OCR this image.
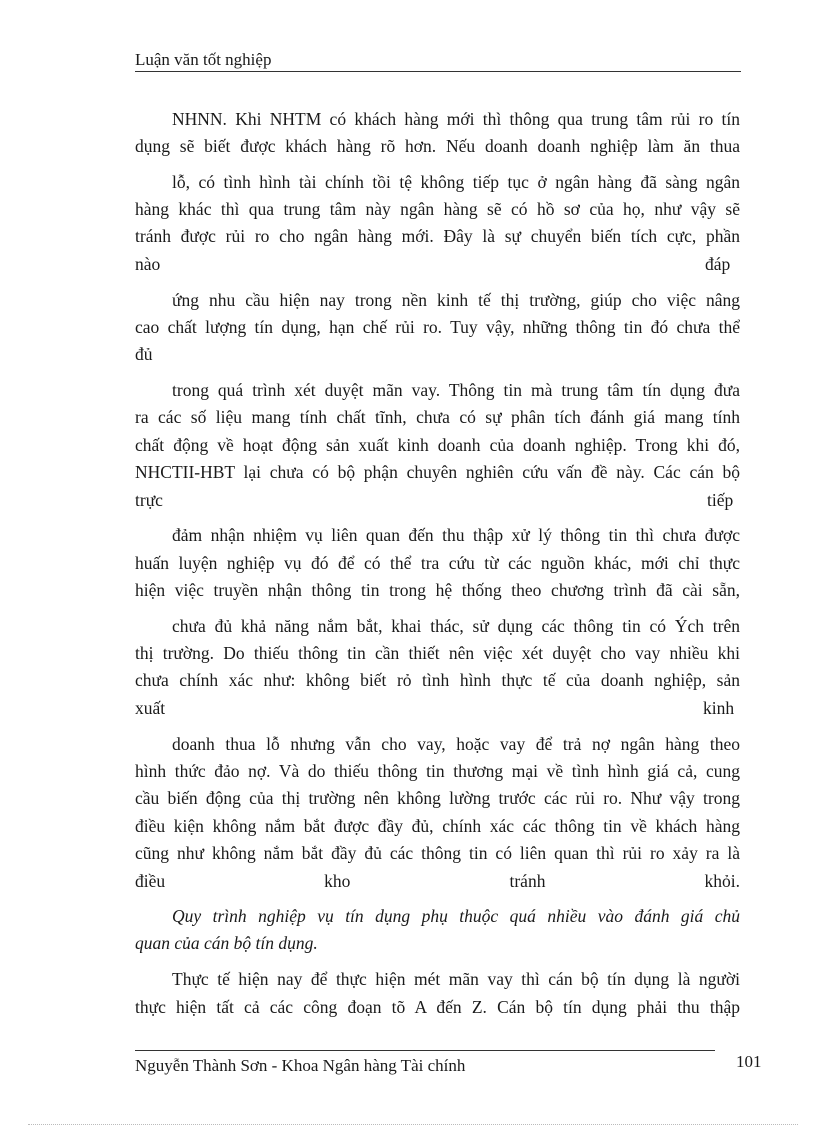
Luận văn tốt nghiệp
NHNN. Khi NHTM có khách hàng mới thì thông qua trung tâm rủi ro tín
dụng sẽ biết được khách hàng rõ hơn. Nếu doanh doanh nghiệp làm ăn thua
lỗ, có tình hình tài chính tồi tệ không tiếp tục ở ngân hàng đã sàng ngân
hàng khác thì qua trung tâm này ngân hàng sẽ có hồ sơ của họ, như vậy sẽ
tránh được rủi ro cho ngân hàng mới. Đây là sự chuyển biến tích cực, phần
nào	đáp
ứng nhu cầu hiện nay trong nền kinh tế thị trường, giúp cho việc nâng
cao chất lượng tín dụng, hạn chế rủi ro. Tuy vậy, những thông tin đó chưa thể
đủ
trong quá trình xét duyệt mãn vay. Thông tin mà trung tâm tín dụng đưa
ra các số liệu mang tính chất tĩnh, chưa có sự phân tích đánh giá mang tính
chất động về hoạt động sản xuất kinh doanh của doanh nghiệp. Trong khi đó,
NHCTII-HBT lại chưa có bộ phận chuyên nghiên cứu vấn đề này. Các cán bộ
trực	tiếp
đảm nhận nhiệm vụ liên quan đến thu thập xử lý thông tin thì chưa được
huấn luyện nghiệp vụ đó để có thể tra cứu từ các nguồn khác, mới chỉ thực
hiện việc truyền nhận thông tin trong hệ thống theo chương trình đã cài sẵn,
chưa đủ khả năng nắm bắt, khai thác, sử dụng các thông tin có Ých trên
thị trường. Do thiếu thông tin cần thiết nên việc xét duyệt cho vay nhiều khi
chưa chính xác như: không biết rỏ tình hình thực tế của doanh nghiệp, sản
xuất	kinh
doanh thua lỗ nhưng vẫn cho vay, hoặc vay để trả nợ ngân hàng theo
hình thức đảo nợ. Và do thiếu thông tin thương mại về tình hình giá cả, cung
cầu biến động của thị trường nên không lường trước các rủi ro. Như vậy trong
điều kiện không nắm bắt được đầy đủ, chính xác các thông tin về khách hàng
cũng như không nắm bắt đầy đủ các thông tin có liên quan thì rủi ro xảy ra là
điều kho tránh khỏi.
Quy trình nghiệp vụ tín dụng phụ thuộc quá nhiều vào đánh giá chủ
quan của cán bộ tín dụng.
Thực tế hiện nay để thực hiện mét mãn vay thì cán bộ tín dụng là người
thực hiện tất cả các công đoạn tõ A đến Z. Cán bộ tín dụng phải thu thập
Nguyễn Thành Sơn - Khoa Ngân hàng Tài chính	101
